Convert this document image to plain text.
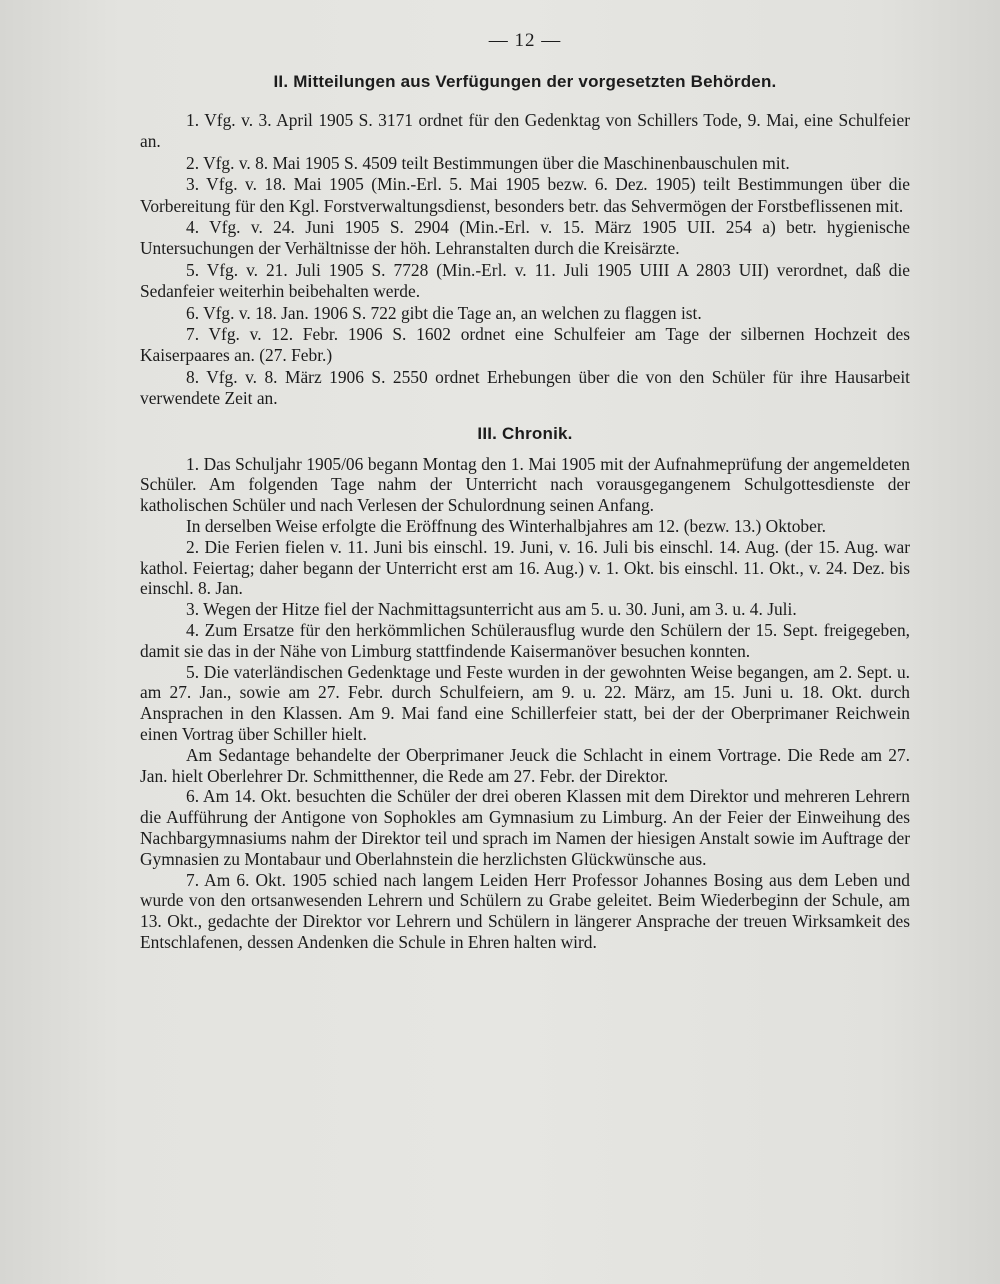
— 12 —
II. Mitteilungen aus Verfügungen der vorgesetzten Behörden.

1. Vfg. v. 3. April 1905 S. 3171 ordnet für den Gedenktag von Schillers Tode, 9. Mai, eine Schulfeier an.

2. Vfg. v. 8. Mai 1905 S. 4509 teilt Bestimmungen über die Maschinenbauschulen mit.

3. Vfg. v. 18. Mai 1905 (Min.-Erl. 5. Mai 1905 bezw. 6. Dez. 1905) teilt Bestimmungen über die Vorbereitung für den Kgl. Forstverwaltungsdienst, besonders betr. das Sehvermögen der Forstbeflissenen mit.

4. Vfg. v. 24. Juni 1905 S. 2904 (Min.-Erl. v. 15. März 1905 UII. 254 a) betr. hygienische Untersuchungen der Verhältnisse der höh. Lehranstalten durch die Kreisärzte.

5. Vfg. v. 21. Juli 1905 S. 7728 (Min.-Erl. v. 11. Juli 1905 UIII A 2803 UII) verordnet, daß die Sedanfeier weiterhin beibehalten werde.

6. Vfg. v. 18. Jan. 1906 S. 722 gibt die Tage an, an welchen zu flaggen ist.

7. Vfg. v. 12. Febr. 1906 S. 1602 ordnet eine Schulfeier am Tage der silbernen Hochzeit des Kaiserpaares an. (27. Febr.)

8. Vfg. v. 8. März 1906 S. 2550 ordnet Erhebungen über die von den Schüler für ihre Hausarbeit verwendete Zeit an.

III. Chronik.

1. Das Schuljahr 1905/06 begann Montag den 1. Mai 1905 mit der Aufnahmeprüfung der angemeldeten Schüler. Am folgenden Tage nahm der Unterricht nach vorausgegangenem Schulgottesdienste der katholischen Schüler und nach Verlesen der Schulordnung seinen Anfang.

In derselben Weise erfolgte die Eröffnung des Winterhalbjahres am 12. (bezw. 13.) Oktober.

2. Die Ferien fielen v. 11. Juni bis einschl. 19. Juni, v. 16. Juli bis einschl. 14. Aug. (der 15. Aug. war kathol. Feiertag; daher begann der Unterricht erst am 16. Aug.) v. 1. Okt. bis einschl. 11. Okt., v. 24. Dez. bis einschl. 8. Jan.

3. Wegen der Hitze fiel der Nachmittagsunterricht aus am 5. u. 30. Juni, am 3. u. 4. Juli.

4. Zum Ersatze für den herkömmlichen Schülerausflug wurde den Schülern der 15. Sept. freigegeben, damit sie das in der Nähe von Limburg stattfindende Kaisermanöver besuchen konnten.

5. Die vaterländischen Gedenktage und Feste wurden in der gewohnten Weise begangen, am 2. Sept. u. am 27. Jan., sowie am 27. Febr. durch Schulfeiern, am 9. u. 22. März, am 15. Juni u. 18. Okt. durch Ansprachen in den Klassen. Am 9. Mai fand eine Schillerfeier statt, bei der der Oberprimaner Reichwein einen Vortrag über Schiller hielt.

Am Sedantage behandelte der Oberprimaner Jeuck die Schlacht in einem Vortrage. Die Rede am 27. Jan. hielt Oberlehrer Dr. Schmitthenner, die Rede am 27. Febr. der Direktor.

6. Am 14. Okt. besuchten die Schüler der drei oberen Klassen mit dem Direktor und mehreren Lehrern die Aufführung der Antigone von Sophokles am Gymnasium zu Limburg. An der Feier der Einweihung des Nachbargymnasiums nahm der Direktor teil und sprach im Namen der hiesigen Anstalt sowie im Auftrage der Gymnasien zu Montabaur und Oberlahnstein die herzlichsten Glückwünsche aus.

7. Am 6. Okt. 1905 schied nach langem Leiden Herr Professor Johannes Bosing aus dem Leben und wurde von den ortsanwesenden Lehrern und Schülern zu Grabe geleitet. Beim Wiederbeginn der Schule, am 13. Okt., gedachte der Direktor vor Lehrern und Schülern in längerer Ansprache der treuen Wirksamkeit des Entschlafenen, dessen Andenken die Schule in Ehren halten wird.
